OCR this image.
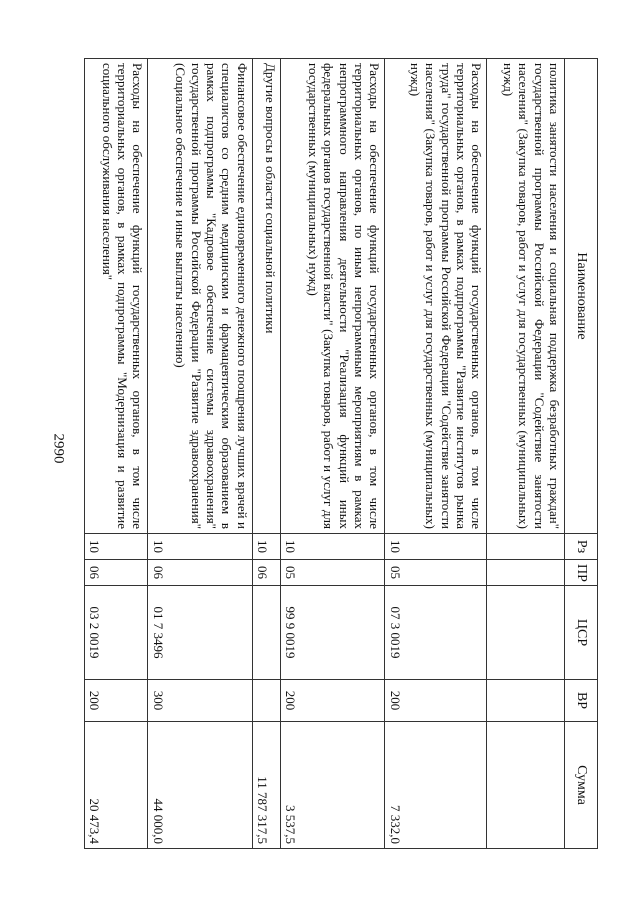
2990
Наименование	Рз	ПР	ЦСР	ВР	Сумма
политика занятости населения и социальная поддержка безработных граждан" государственной программы Российской Федерации "Содействие занятости населения" (Закупка товаров, работ и услуг для государственных (муниципальных) нужд)					
Расходы на обеспечение функций государственных органов, в том числе территориальных органов, в рамках подпрограммы "Развитие институтов рынка труда" государственной программы Российской Федерации "Содействие занятости населения" (Закупка товаров, работ и услуг для государственных (муниципальных) нужд)	10	05	07 3 0019	200	7 332,0
Расходы на обеспечение функций государственных органов, в том числе территориальных органов, по иным непрограммным мероприятиям в рамках непрограммного направления деятельности "Реализация функций иных федеральных органов государственной власти" (Закупка товаров, работ и услуг для государственных (муниципальных) нужд)	10	05	99 9 0019	200	3 537,5
Другие вопросы в области социальной политики	10	06			11 787 317,5
Финансовое обеспечение единовременного денежного поощрения лучших врачей и специалистов со средним медицинским и фармацевтическим образованием в рамках подпрограммы "Кадровое обеспечение системы здравоохранения" государственной программы Российской Федерации "Развитие здравоохранения" (Социальное обеспечение и иные выплаты населению)	10	06	01 7 3496	300	44 000,0
Расходы на обеспечение функций государственных органов, в том числе территориальных органов, в рамках подпрограммы "Модернизация и развитие социального обслуживания населения"	10	06	03 2 0019	200	20 473,4
